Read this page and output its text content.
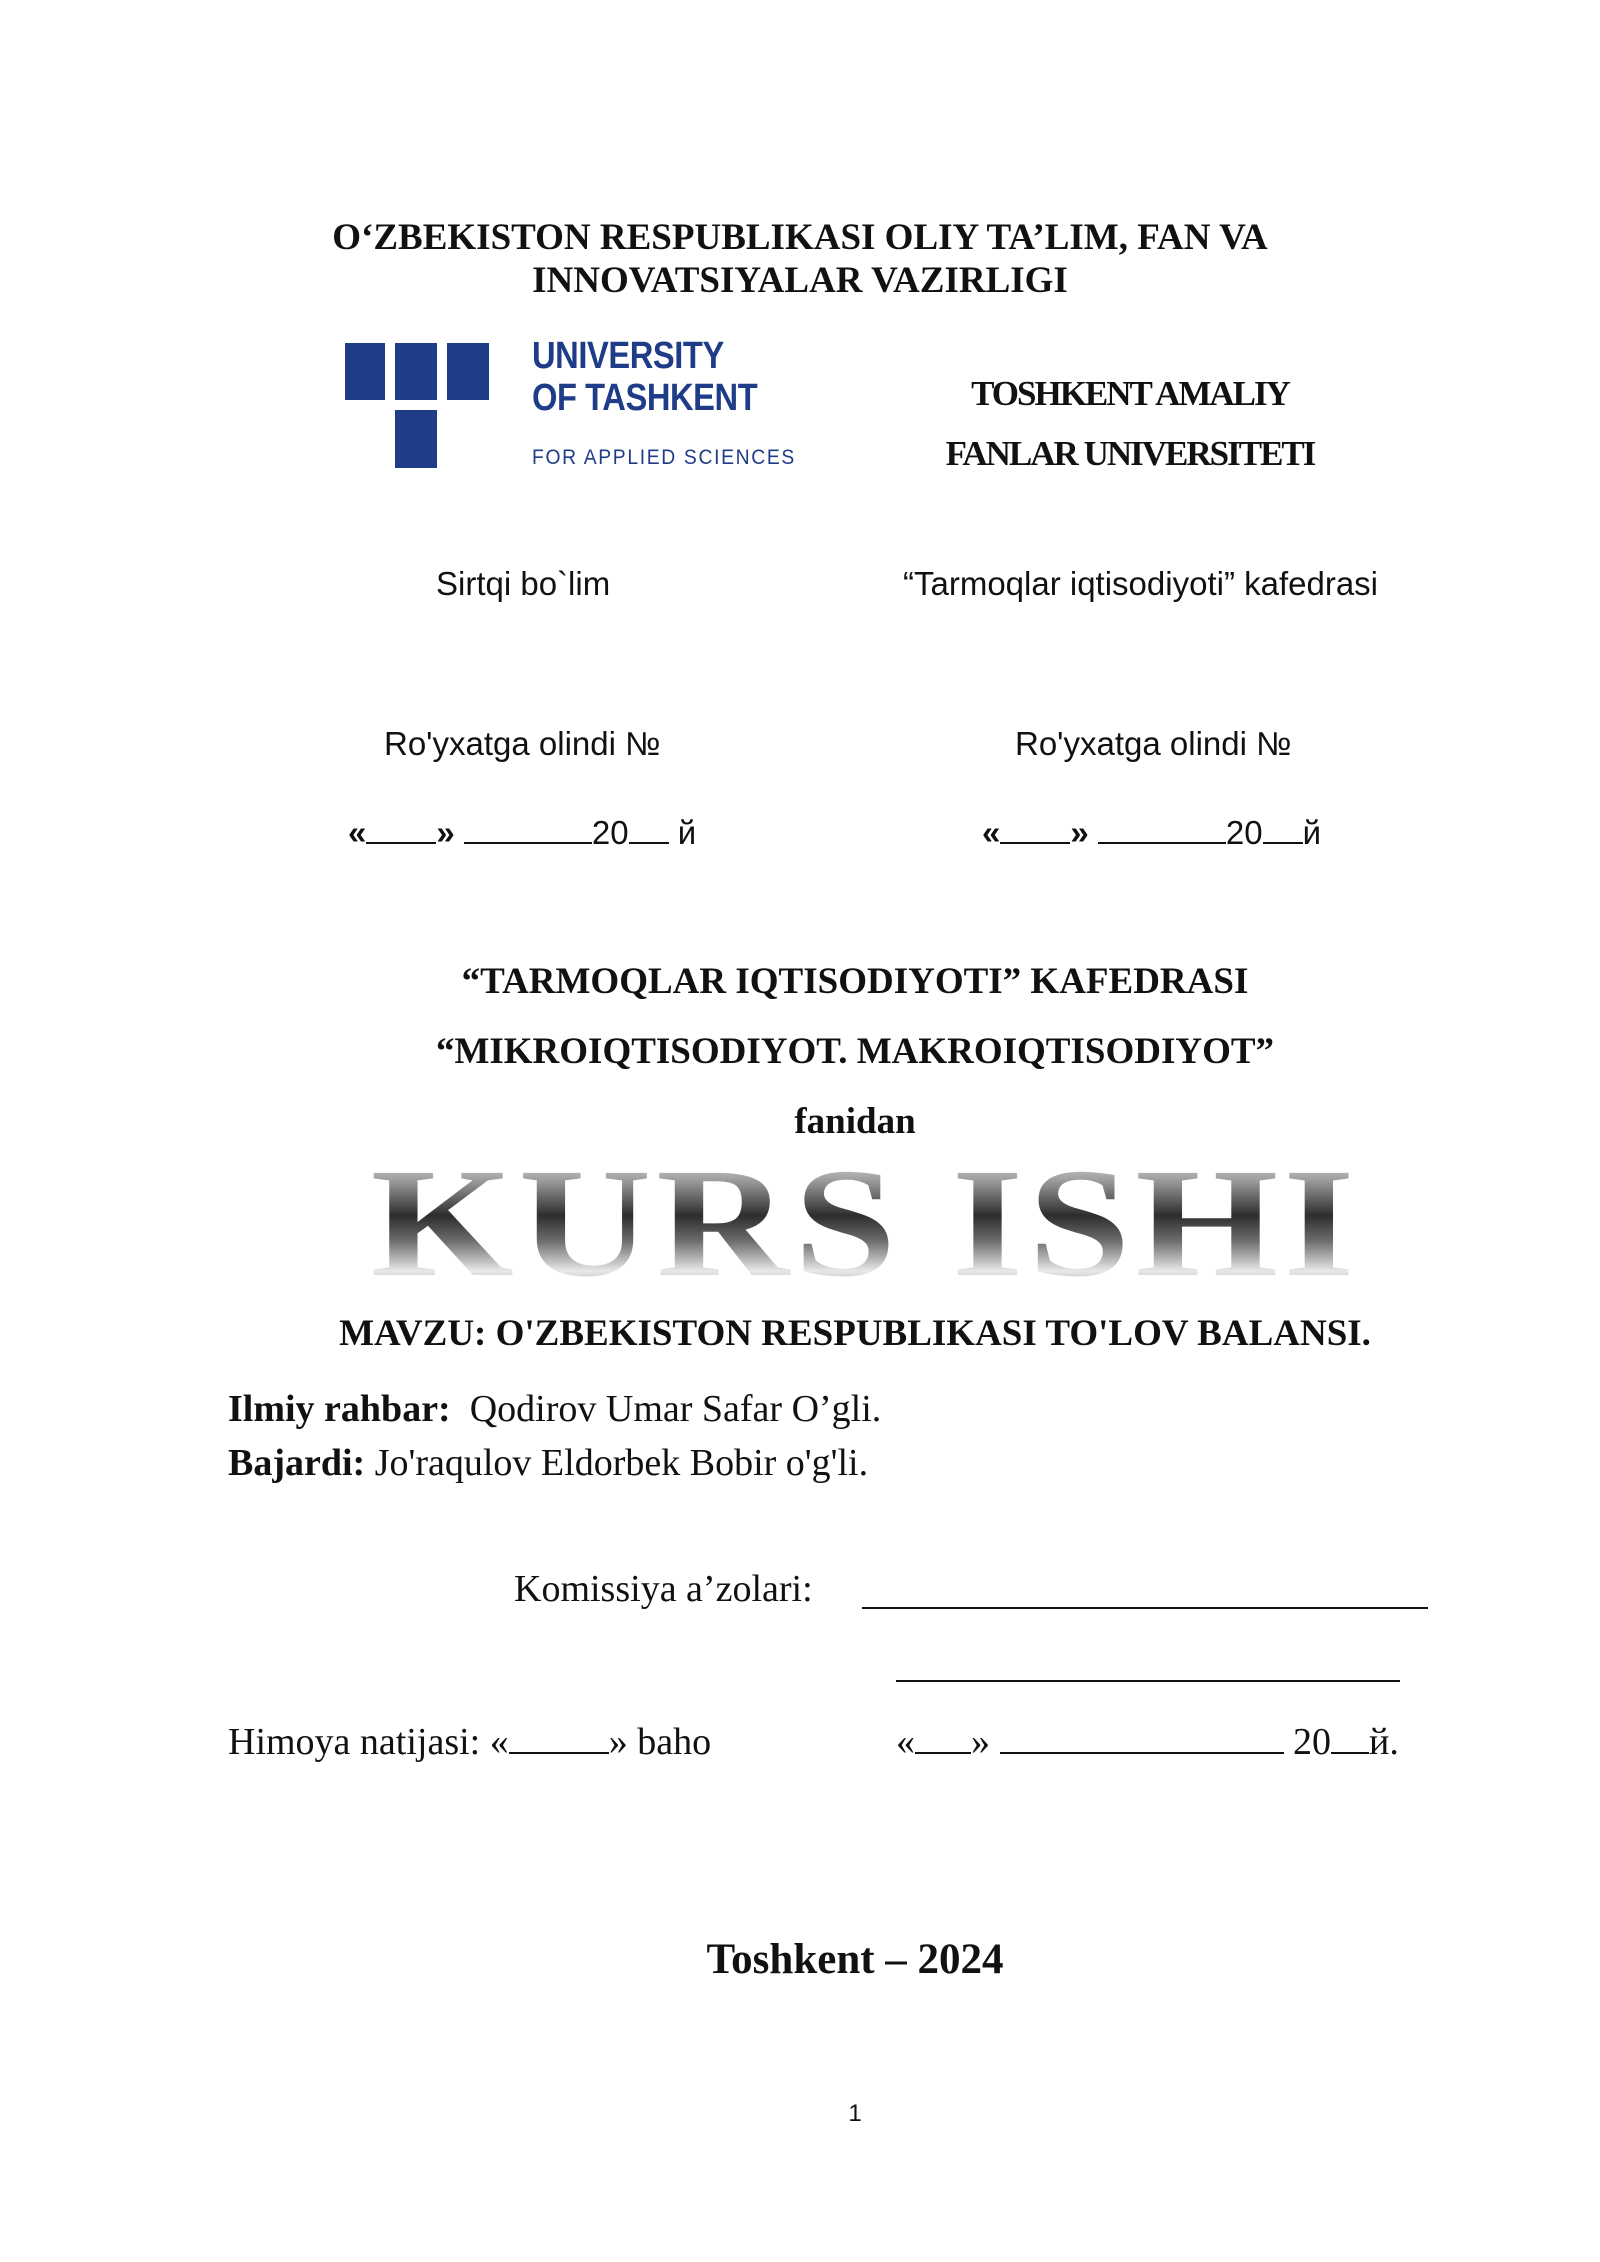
O‘ZBEKISTON RESPUBLIKASI OLIY TA’LIM, FAN VA
INNOVATSIYALAR VAZIRLIGI
UNIVERSITY
OF TASHKENT
FOR APPLIED SCIENCES
TOSHKENT AMALIY
FANLAR UNIVERSITETI
Sirtqi bo`lim	“Tarmoqlar iqtisodiyoti” kafedrasi
Ro'yxatga olindi №	Ro'yxatga olindi №
« »	20 й	« »	20 й
“TARMOQLAR IQTISODIYOTI” KAFEDRASI
“MIKROIQTISODIYOT. MAKROIQTISODIYOT”
fanidan
KURS ISHI
MAVZU: O'ZBEKISTON RESPUBLIKASI TO'LOV BALANSI.
Ilmiy rahbar: Qodirov Umar Safar O’gli.
Bajardi: Jo'raqulov Eldorbek Bobir o'g'li.
Komissiya a’zolari:
Himoya natijasi: «	» baho	« »	20 й.
Toshkent – 2024
1
